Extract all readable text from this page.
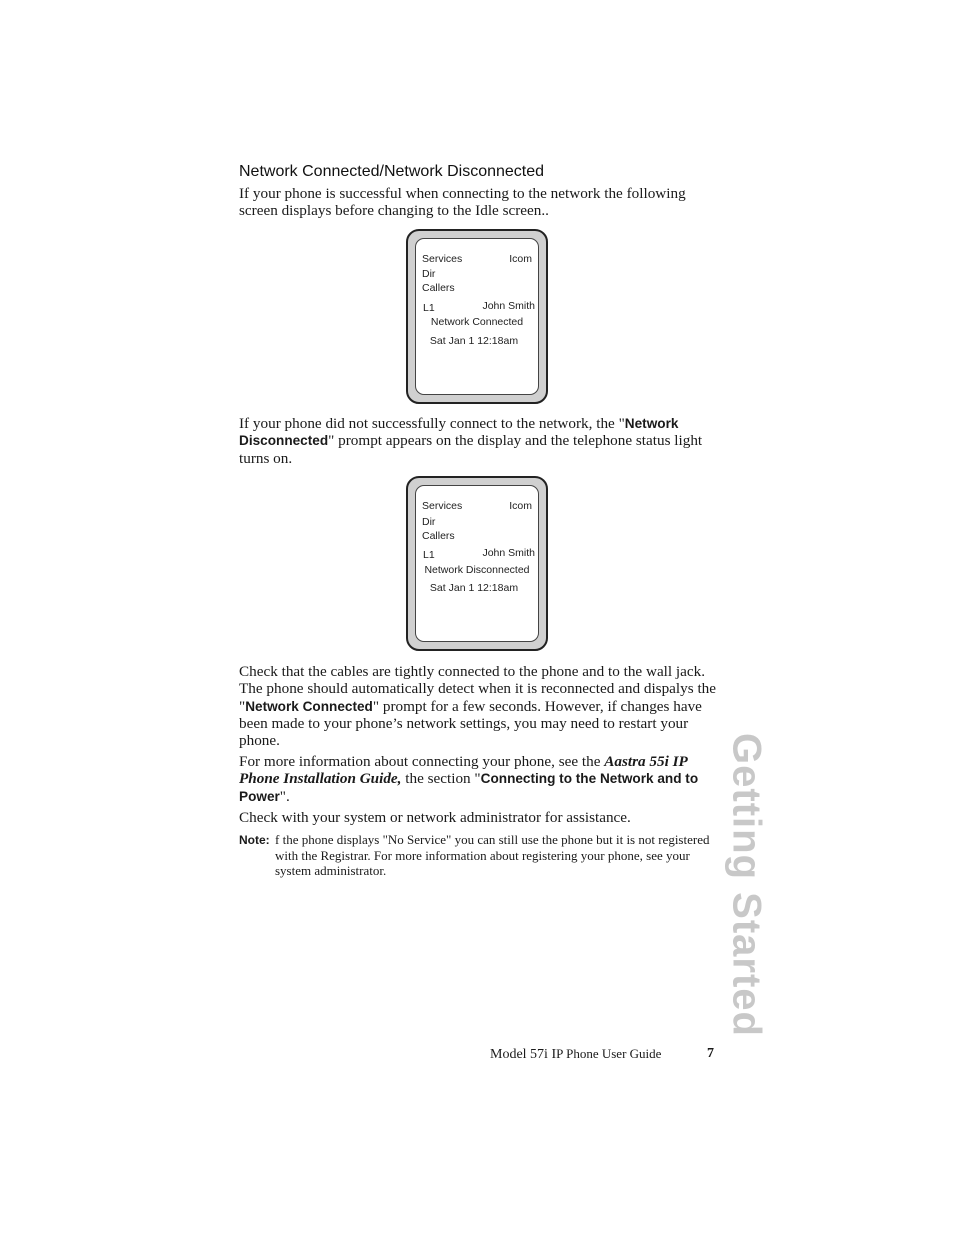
Network Connected/Network Disconnected
If your phone is successful when connecting to the network the following screen displays before changing to the Idle screen..
Services	Icom
Dir
Callers
L1	John Smith
Network Connected
Sat Jan 1 12:18am
If your phone did not successfully connect to the network, the "Network Disconnected" prompt appears on the display and the telephone status light turns on.
Services	Icom
Dir
Callers
L1	John Smith
Network Disconnected
Sat Jan 1 12:18am
Check that the cables are tightly connected to the phone and to the wall jack. The phone should automatically detect when it is reconnected and dispalys the "Network Connected" prompt for a few seconds. However, if changes have been made to your phone’s network settings, you may need to restart your phone.
For more information about connecting your phone, see the Aastra 55i IP Phone Installation Guide, the section "Connecting to the Network and to Power".
Check with your system or network administrator for assistance.
Note: f the phone displays "No Service" you can still use the phone but it is not registered with the Registrar. For more information about registering your phone, see your system administrator.	Getting Started
Model 57i IP Phone User Guide	7
